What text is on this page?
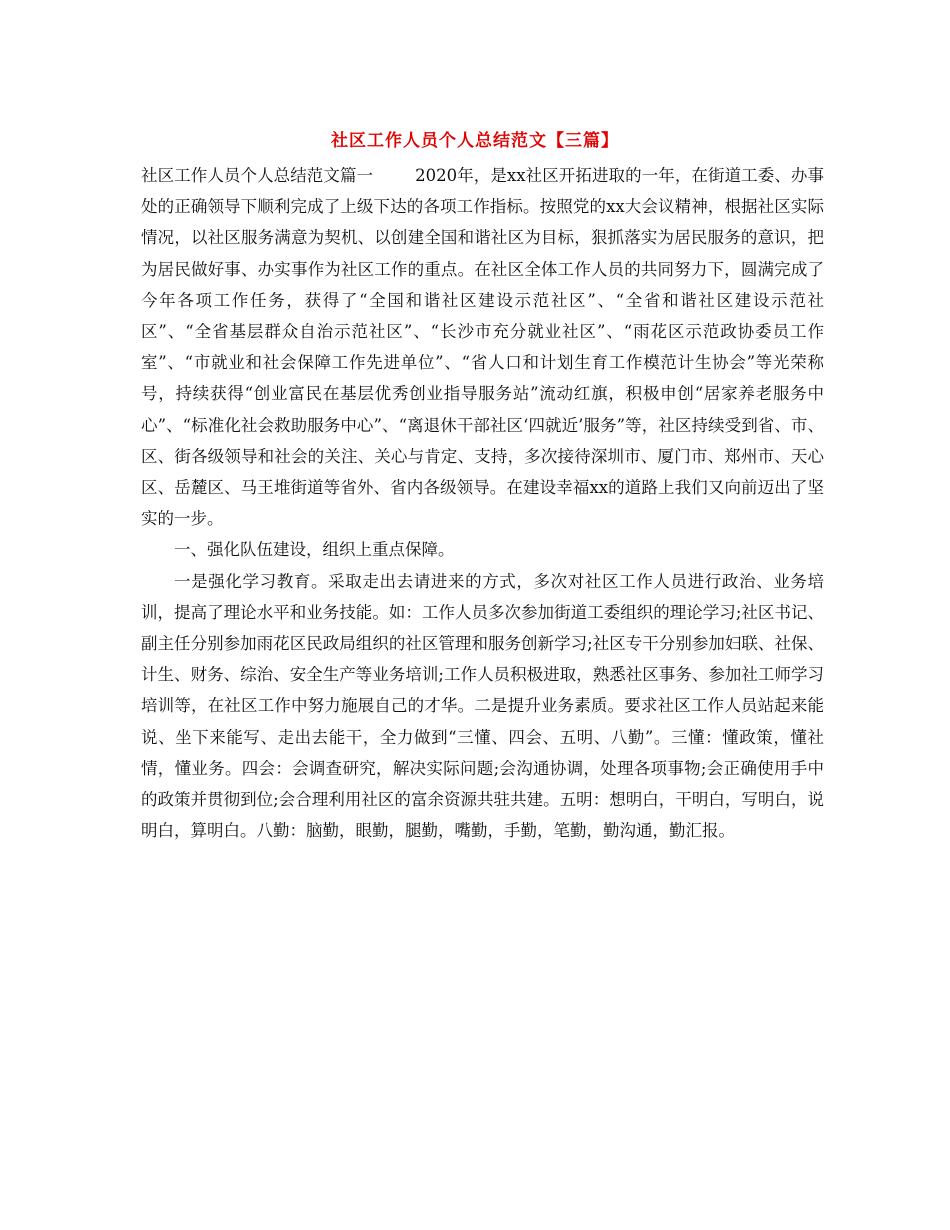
社区工作人员个人总结范文【三篇】

社区工作人员个人总结范文篇一	2020年，是xx社区开拓进取的一年，在街道工委、办事处的正确领导下顺利完成了上级下达的各项工作指标。按照党的xx大会议精神，根据社区实际情况，以社区服务满意为契机、以创建全国和谐社区为目标，狠抓落实为居民服务的意识，把为居民做好事、办实事作为社区工作的重点。在社区全体工作人员的共同努力下，圆满完成了今年各项工作任务，获得了“全国和谐社区建设示范社区”、“全省和谐社区建设示范社区”、“全省基层群众自治示范社区”、“长沙市充分就业社区”、“雨花区示范政协委员工作室”、“市就业和社会保障工作先进单位”、“省人口和计划生育工作模范计生协会”等光荣称号，持续获得“创业富民在基层优秀创业指导服务站”流动红旗，积极申创“居家养老服务中心”、“标准化社会救助服务中心”、“离退休干部社区‘四就近’服务”等，社区持续受到省、市、区、街各级领导和社会的关注、关心与肯定、支持，多次接待深圳市、厦门市、郑州市、天心区、岳麓区、马王堆街道等省外、省内各级领导。在建设幸福xx的道路上我们又向前迈出了坚实的一步。

一、强化队伍建设，组织上重点保障。

一是强化学习教育。采取走出去请进来的方式，多次对社区工作人员进行政治、业务培训，提高了理论水平和业务技能。如：工作人员多次参加街道工委组织的理论学习;社区书记、副主任分别参加雨花区民政局组织的社区管理和服务创新学习;社区专干分别参加妇联、社保、计生、财务、综治、安全生产等业务培训;工作人员积极进取，熟悉社区事务、参加社工师学习培训等，在社区工作中努力施展自己的才华。二是提升业务素质。要求社区工作人员站起来能说、坐下来能写、走出去能干，全力做到“三懂、四会、五明、八勤”。三懂：懂政策，懂社情，懂业务。四会：会调查研究，解决实际问题;会沟通协调，处理各项事物;会正确使用手中的政策并贯彻到位;会合理利用社区的富余资源共驻共建。五明：想明白，干明白，写明白，说明白，算明白。八勤：脑勤，眼勤，腿勤，嘴勤，手勤，笔勤，勤沟通，勤汇报。
